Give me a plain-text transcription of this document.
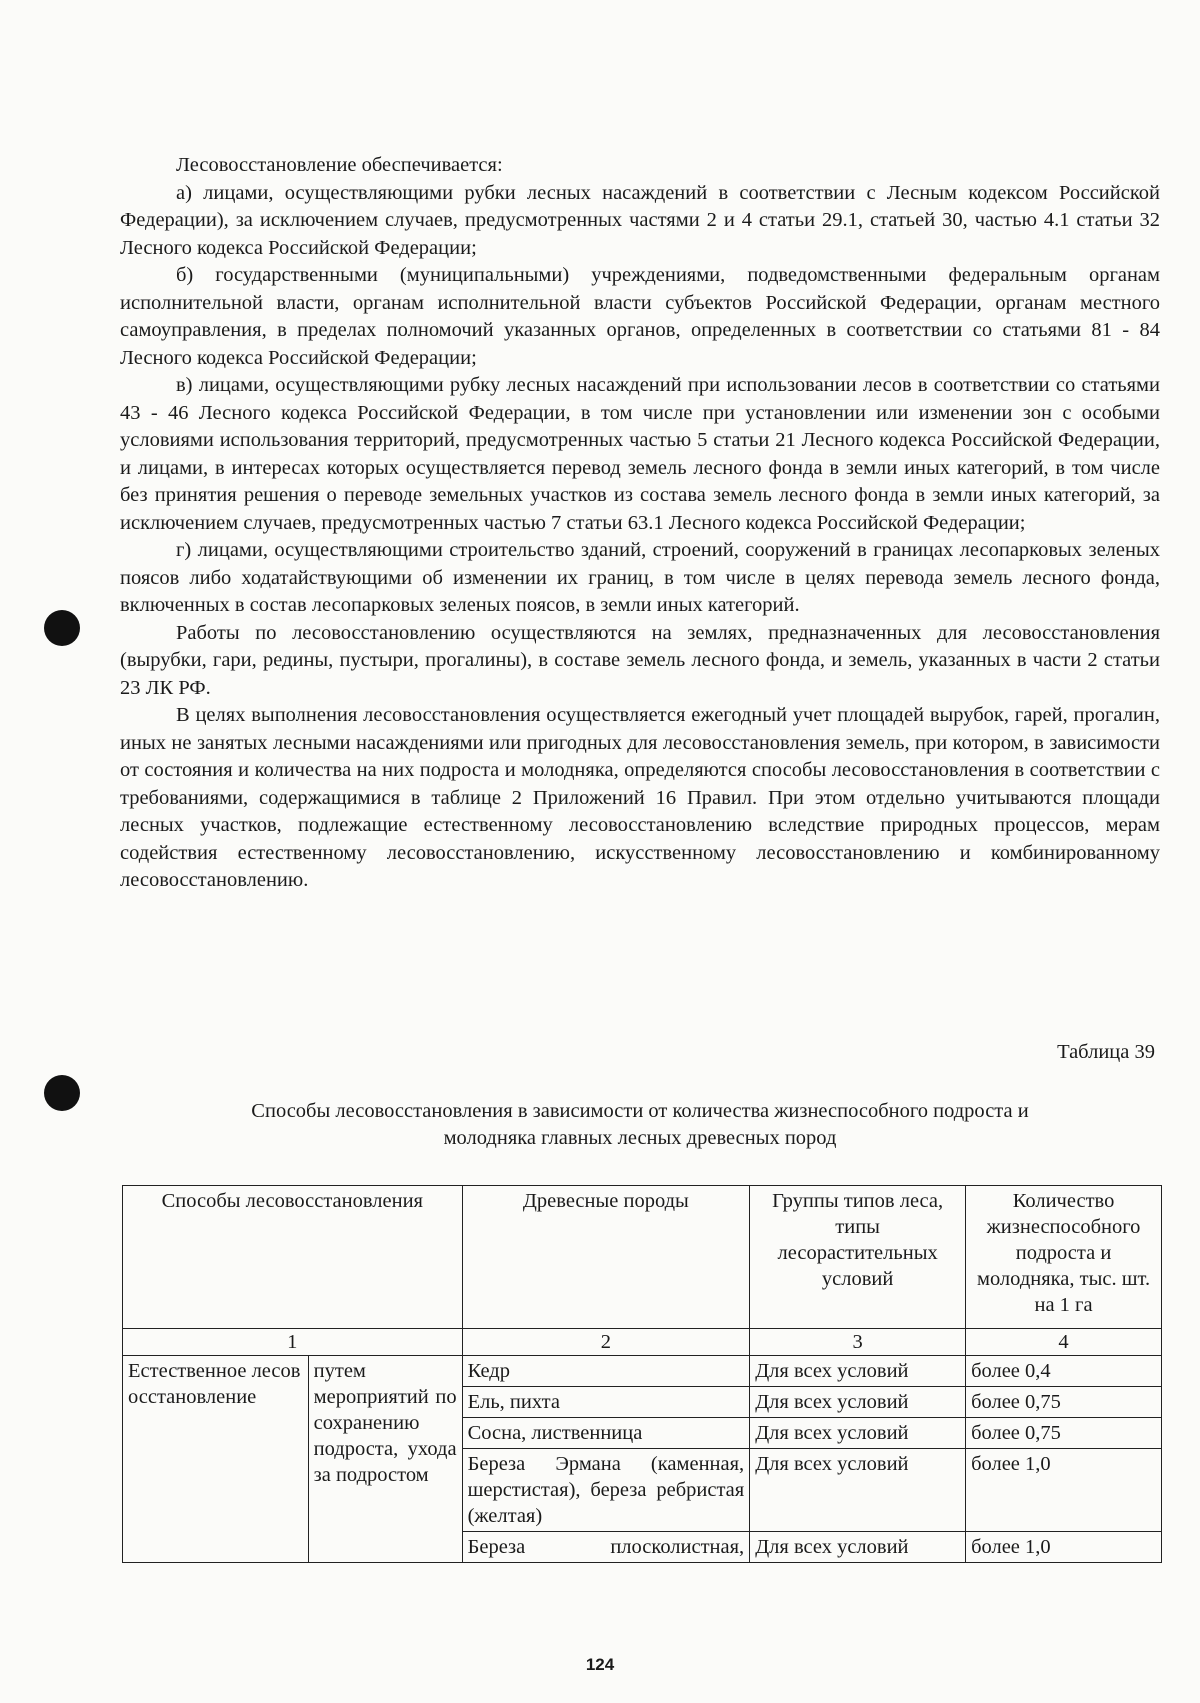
Лесовосстановление обеспечивается:

а) лицами, осуществляющими рубки лесных насаждений в соответствии с Лесным кодексом Российской Федерации), за исключением случаев, предусмотренных частями 2 и 4 статьи 29.1, статьей 30, частью 4.1 статьи 32 Лесного кодекса Российской Федерации;

б) государственными (муниципальными) учреждениями, подведомственными федеральным органам исполнительной власти, органам исполнительной власти субъектов Российской Федерации, органам местного самоуправления, в пределах полномочий указанных органов, определенных в соответствии со статьями 81 - 84 Лесного кодекса Российской Федерации;

в) лицами, осуществляющими рубку лесных насаждений при использовании лесов в соответствии со статьями 43 - 46 Лесного кодекса Российской Федерации, в том числе при установлении или изменении зон с особыми условиями использования территорий, предусмотренных частью 5 статьи 21 Лесного кодекса Российской Федерации, и лицами, в интересах которых осуществляется перевод земель лесного фонда в земли иных категорий, в том числе без принятия решения о переводе земельных участков из состава земель лесного фонда в земли иных категорий, за исключением случаев, предусмотренных частью 7 статьи 63.1 Лесного кодекса Российской Федерации;

г) лицами, осуществляющими строительство зданий, строений, сооружений в границах лесопарковых зеленых поясов либо ходатайствующими об изменении их границ, в том числе в целях перевода земель лесного фонда, включенных в состав лесопарковых зеленых поясов, в земли иных категорий.

Работы по лесовосстановлению осуществляются на землях, предназначенных для лесовосстановления (вырубки, гари, редины, пустыри, прогалины), в составе земель лесного фонда, и земель, указанных в части 2 статьи 23 ЛК РФ.

В целях выполнения лесовосстановления осуществляется ежегодный учет площадей вырубок, гарей, прогалин, иных не занятых лесными насаждениями или пригодных для лесовосстановления земель, при котором, в зависимости от состояния и количества на них подроста и молодняка, определяются способы лесовосстановления в соответствии с требованиями, содержащимися в таблице 2 Приложений 16 Правил. При этом отдельно учитываются площади лесных участков, подлежащие естественному лесовосстановлению вследствие природных процессов, мерам содействия естественному лесовосстановлению, искусственному лесовосстановлению и комбинированному лесовосстановлению.

Таблица 39
Способы лесовосстановления в зависимости от количества жизнеспособного подроста и
молодняка главных лесных древесных пород
Способы лесовосстановления		Древесные породы	Группы типов леса, типы лесорастительных условий	Количество жизнеспособного подроста и молодняка, тыс. шт. на 1 га
1		2	3	4
Естественное лесовосстановление	путем мероприятий по сохранению подроста, ухода за подростом	Кедр	Для всех условий	более 0,4
		Ель, пихта	Для всех условий	более 0,75
		Сосна, лиственница	Для всех условий	более 0,75
		Береза Эрмана (каменная, шерстистая), береза ребристая (желтая)	Для всех условий	более 1,0
		Береза плосколистная,	Для всех условий	более 1,0
124
